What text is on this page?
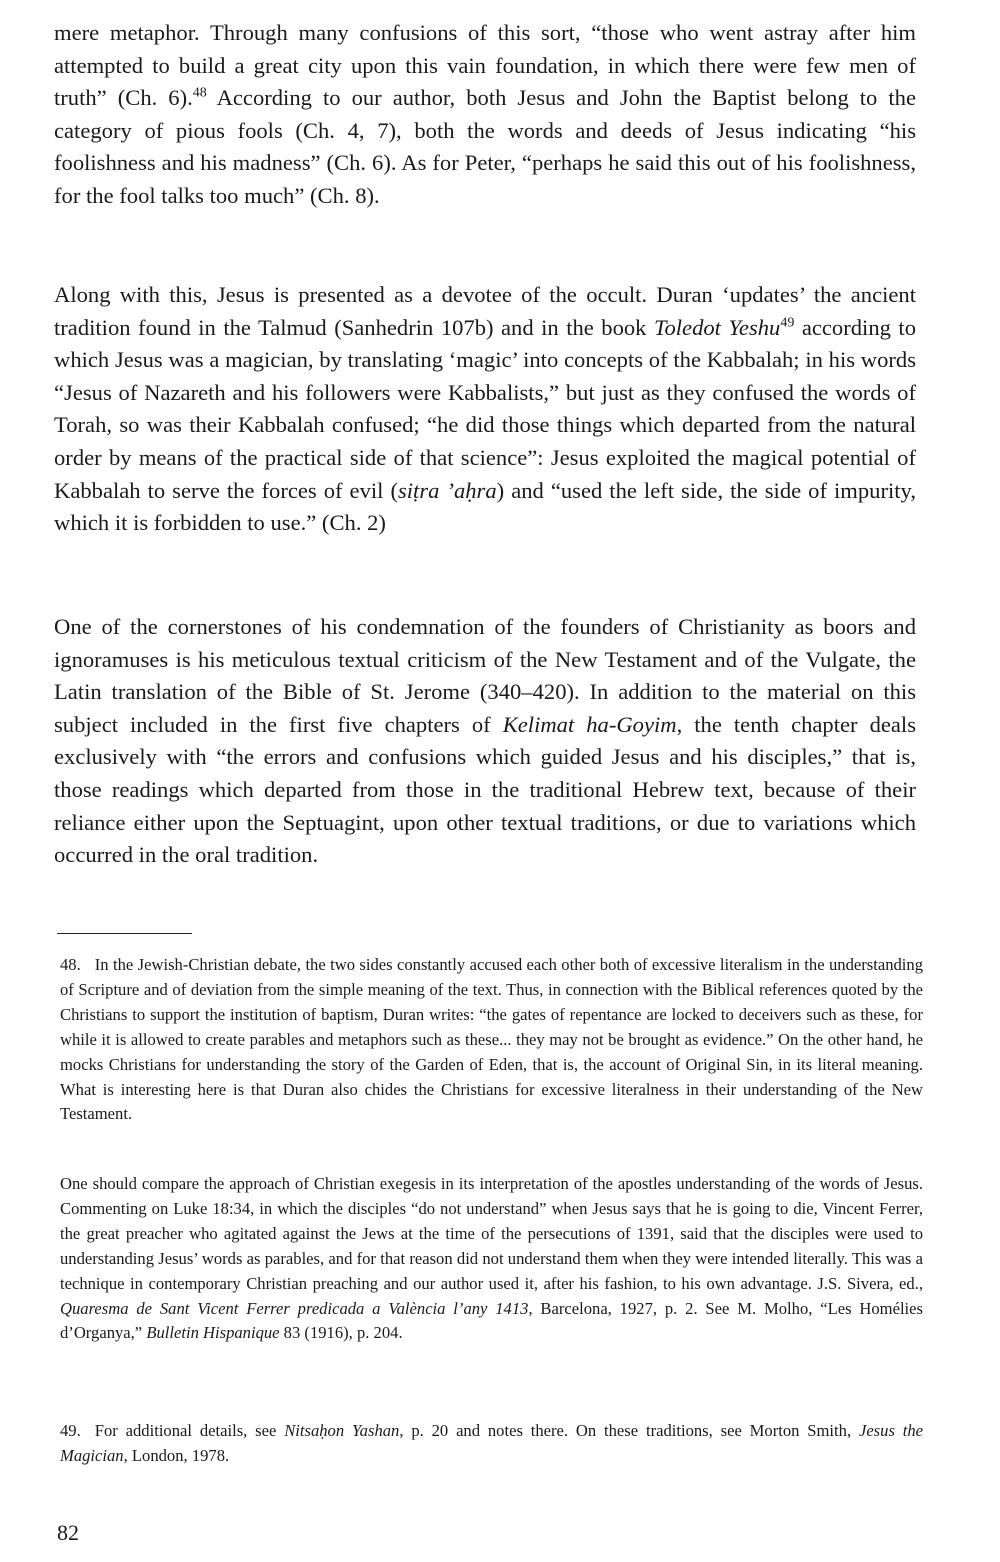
mere metaphor. Through many confusions of this sort, “those who went astray after him attempted to build a great city upon this vain foundation, in which there were few men of truth” (Ch. 6).$^{48}$ According to our author, both Jesus and John the Baptist belong to the category of pious fools (Ch. 4, 7), both the words and deeds of Jesus indicating “his foolishness and his madness” (Ch. 6). As for Peter, “perhaps he said this out of his foolishness, for the fool talks too much” (Ch. 8).

Along with this, Jesus is presented as a devotee of the occult. Duran ‘updates’ the ancient tradition found in the Talmud (Sanhedrin 107b) and in the book Toledot Yeshu$^{49}$ according to which Jesus was a magician, by translating ‘magic’ into concepts of the Kabbalah; in his words “Jesus of Nazareth and his followers were Kabbalists,” but just as they confused the words of Torah, so was their Kabbalah confused; “he did those things which departed from the natural order by means of the practical side of that science”: Jesus exploited the magical potential of Kabbalah to serve the forces of evil (siṭra ’aḥra) and “used the left side, the side of impurity, which it is forbidden to use.” (Ch. 2)

One of the cornerstones of his condemnation of the founders of Christianity as boors and ignoramuses is his meticulous textual criticism of the New Testament and of the Vulgate, the Latin translation of the Bible of St. Jerome (340–420). In addition to the material on this subject included in the first five chapters of Kelimat ha-Goyim, the tenth chapter deals exclusively with “the errors and confusions which guided Jesus and his disciples,” that is, those readings which departed from those in the traditional Hebrew text, because of their reliance either upon the Septuagint, upon other textual traditions, or due to variations which occurred in the oral tradition.

48. In the Jewish-Christian debate, the two sides constantly accused each other both of excessive literalism in the understanding of Scripture and of deviation from the simple meaning of the text. Thus, in connection with the Biblical references quoted by the Christians to support the institution of baptism, Duran writes: “the gates of repentance are locked to deceivers such as these, for while it is allowed to create parables and metaphors such as these... they may not be brought as evidence.” On the other hand, he mocks Christians for understanding the story of the Garden of Eden, that is, the account of Original Sin, in its literal meaning. What is interesting here is that Duran also chides the Christians for excessive literalness in their understanding of the New Testament.

One should compare the approach of Christian exegesis in its interpretation of the apostles understanding of the words of Jesus. Commenting on Luke 18:34, in which the disciples “do not understand” when Jesus says that he is going to die, Vincent Ferrer, the great preacher who agitated against the Jews at the time of the persecutions of 1391, said that the disciples were used to understanding Jesus’ words as parables, and for that reason did not understand them when they were intended literally. This was a technique in contemporary Christian preaching and our author used it, after his fashion, to his own advantage. J.S. Sivera, ed., Quaresma de Sant Vicent Ferrer predicada a València l’any 1413, Barcelona, 1927, p. 2. See M. Molho, “Les Homélies d’Organya,” Bulletin Hispanique 83 (1916), p. 204.

49. For additional details, see Nitsaḥon Yashan, p. 20 and notes there. On these traditions, see Morton Smith, Jesus the Magician, London, 1978.

82
